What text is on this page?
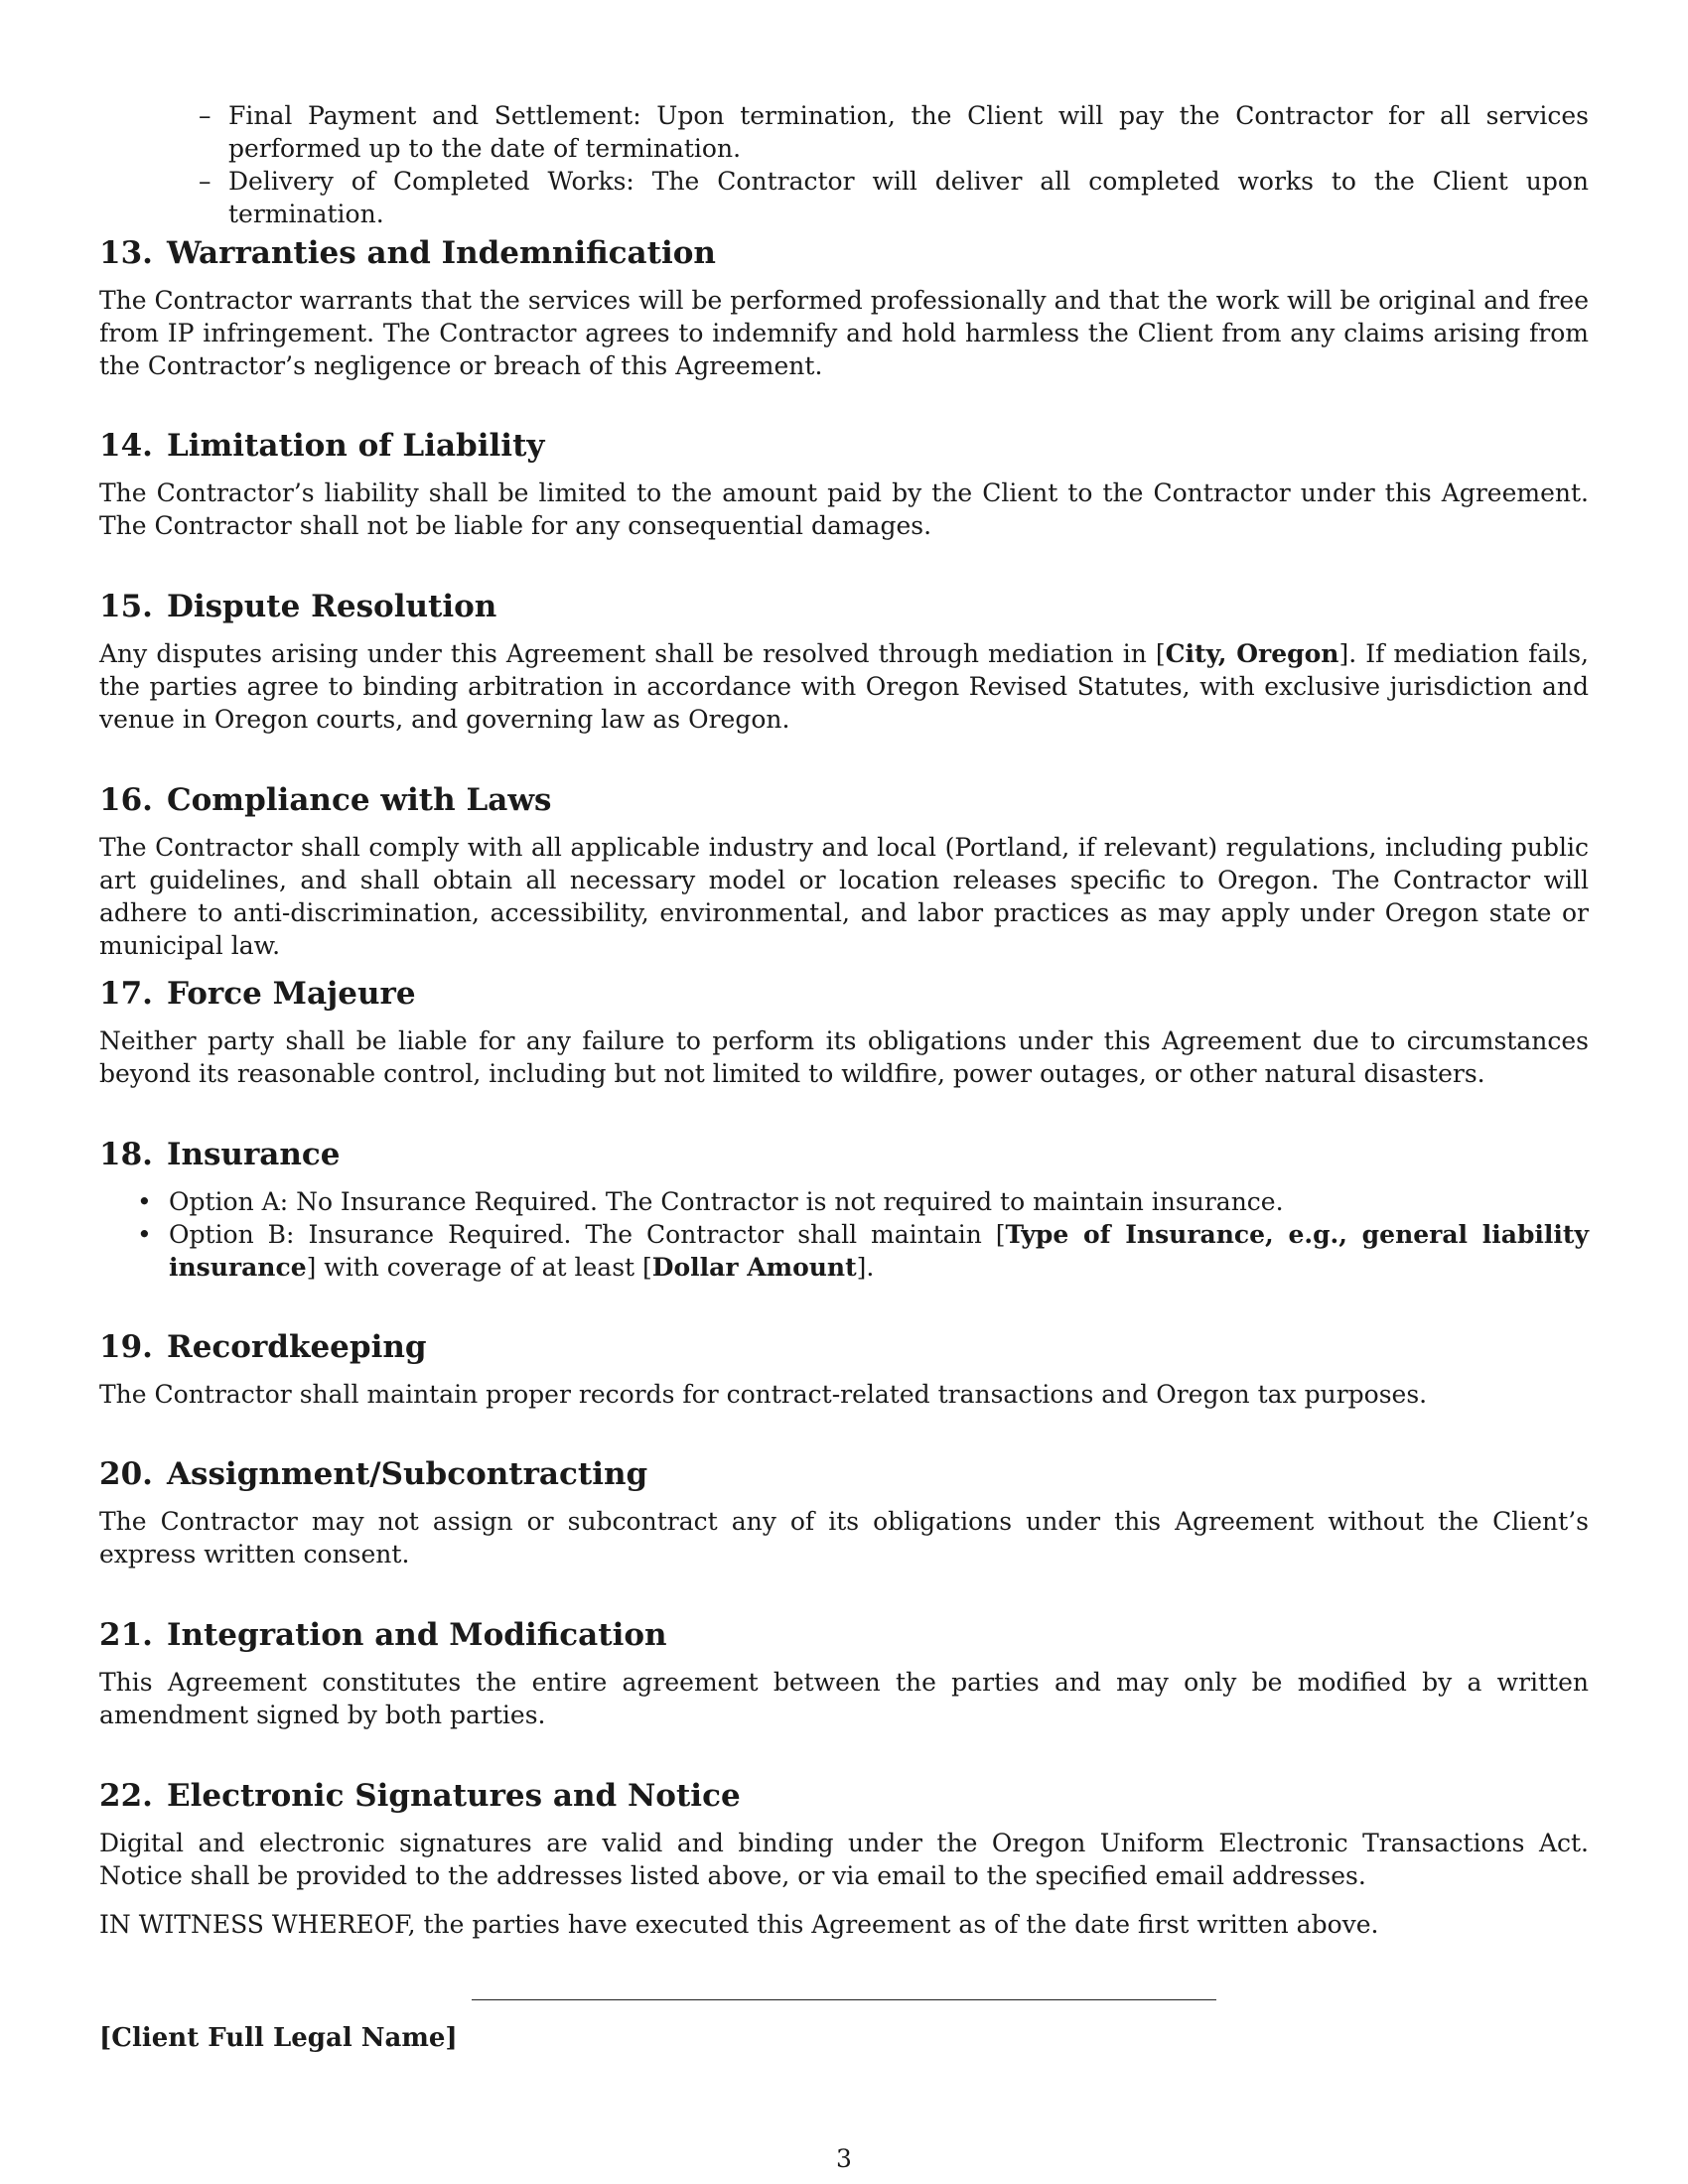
– Final Payment and Settlement: Upon termination, the Client will pay the Contractor for all services performed up to the date of termination.
– Delivery of Completed Works: The Contractor will deliver all completed works to the Client upon termination.
13. Warranties and Indemnification

The Contractor warrants that the services will be performed professionally and that the work will be original and free from IP infringement. The Contractor agrees to indemnify and hold harmless the Client from any claims arising from the Contractor’s negligence or breach of this Agreement.

14. Limitation of Liability

The Contractor’s liability shall be limited to the amount paid by the Client to the Contractor under this Agreement. The Contractor shall not be liable for any consequential damages.

15. Dispute Resolution

Any disputes arising under this Agreement shall be resolved through mediation in [City, Oregon]. If mediation fails, the parties agree to binding arbitration in accordance with Oregon Revised Statutes, with exclusive jurisdiction and venue in Oregon courts, and governing law as Oregon.

16. Compliance with Laws

The Contractor shall comply with all applicable industry and local (Portland, if relevant) regulations, including public art guidelines, and shall obtain all necessary model or location releases specific to Oregon. The Contractor will adhere to anti-discrimination, accessibility, environmental, and labor practices as may apply under Oregon state or municipal law.

17. Force Majeure

Neither party shall be liable for any failure to perform its obligations under this Agreement due to circumstances beyond its reasonable control, including but not limited to wildfire, power outages, or other natural disasters.

18. Insurance
• Option A: No Insurance Required. The Contractor is not required to maintain insurance.
• Option B: Insurance Required. The Contractor shall maintain [Type of Insurance, e.g., general liability insurance] with coverage of at least [Dollar Amount].
19. Recordkeeping

The Contractor shall maintain proper records for contract-related transactions and Oregon tax purposes.

20. Assignment/Subcontracting

The Contractor may not assign or subcontract any of its obligations under this Agreement without the Client’s express written consent.

21. Integration and Modification

This Agreement constitutes the entire agreement between the parties and may only be modified by a written amendment signed by both parties.

22. Electronic Signatures and Notice

Digital and electronic signatures are valid and binding under the Oregon Uniform Electronic Transactions Act. Notice shall be provided to the addresses listed above, or via email to the specified email addresses.

IN WITNESS WHEREOF, the parties have executed this Agreement as of the date first written above.

[Client Full Legal Name]
3
